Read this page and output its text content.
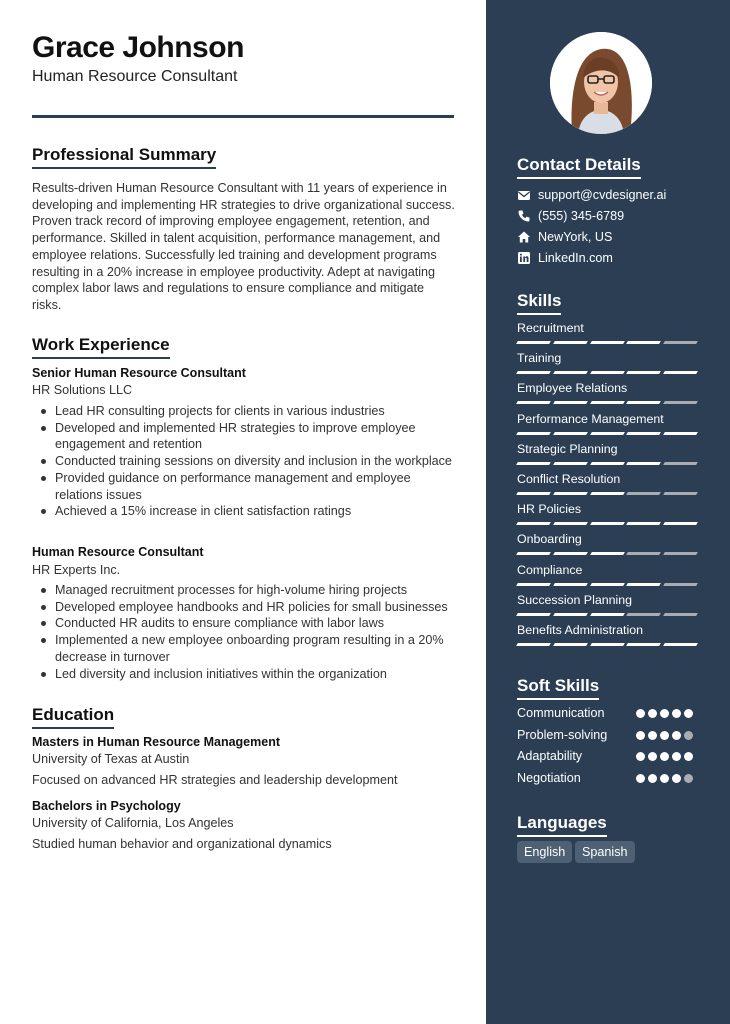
Grace Johnson
Human Resource Consultant
Professional Summary
Results-driven Human Resource Consultant with 11 years of experience in developing and implementing HR strategies to drive organizational success. Proven track record of improving employee engagement, retention, and performance. Skilled in talent acquisition, performance management, and employee relations. Successfully led training and development programs resulting in a 20% increase in employee productivity. Adept at navigating complex labor laws and regulations to ensure compliance and mitigate risks.
Work Experience
Senior Human Resource Consultant
HR Solutions LLC
Lead HR consulting projects for clients in various industries
Developed and implemented HR strategies to improve employee engagement and retention
Conducted training sessions on diversity and inclusion in the workplace
Provided guidance on performance management and employee relations issues
Achieved a 15% increase in client satisfaction ratings
Human Resource Consultant
HR Experts Inc.
Managed recruitment processes for high-volume hiring projects
Developed employee handbooks and HR policies for small businesses
Conducted HR audits to ensure compliance with labor laws
Implemented a new employee onboarding program resulting in a 20% decrease in turnover
Led diversity and inclusion initiatives within the organization
Education
Masters in Human Resource Management
University of Texas at Austin
Focused on advanced HR strategies and leadership development
Bachelors in Psychology
University of California, Los Angeles
Studied human behavior and organizational dynamics
Contact Details
support@cvdesigner.ai
(555) 345-6789
NewYork, US
LinkedIn.com
Skills
Recruitment
Training
Employee Relations
Performance Management
Strategic Planning
Conflict Resolution
HR Policies
Onboarding
Compliance
Succession Planning
Benefits Administration
Soft Skills
Communication
Problem-solving
Adaptability
Negotiation
Languages
English	Spanish
